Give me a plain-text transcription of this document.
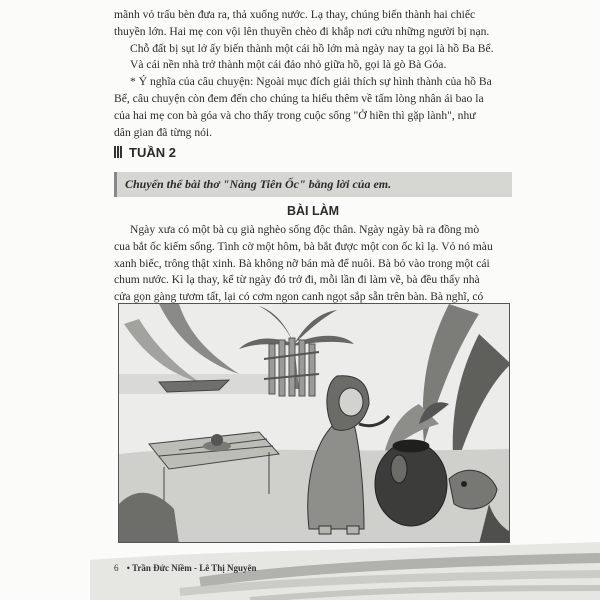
mãnh vỏ trấu bèn đưa ra, thả xuống nước. Lạ thay, chúng biến thành hai chiếc
thuyền lớn. Hai mẹ con vội lên thuyền chèo đi khắp nơi cứu những người bị nạn.

Chỗ đất bị sụt lở ấy biến thành một cái hồ lớn mà ngày nay ta gọi là hồ Ba Bể.
Và cái nền nhà trở thành một cái đảo nhỏ giữa hồ, gọi là gò Bà Góa.

* Ý nghĩa của câu chuyện: Ngoài mục đích giải thích sự hình thành của hồ Ba
Bể, câu chuyện còn đem đến cho chúng ta hiểu thêm về tấm lòng nhân ái bao la
của hai mẹ con bà góa và cho thấy trong cuộc sống "Ở hiền thì gặp lành", như
dân gian đã từng nói.

TUẦN 2
Chuyển thể bài thơ "Nàng Tiên Ốc" bằng lời của em.
BÀI LÀM
Ngày xưa có một bà cụ già nghèo sống độc thân. Ngày ngày bà ra đồng mò
cua bắt ốc kiếm sống. Tình cờ một hôm, bà bắt được một con ốc kì lạ. Vỏ nó màu
xanh biếc, trông thật xinh. Bà không nỡ bán mà để nuôi. Bà bỏ vào trong một cái
chum nước. Kì lạ thay, kể từ ngày đó trở đi, mỗi lần đi làm về, bà đều thấy nhà
cửa gọn gàng tươm tất, lại có cơm ngon canh ngọt sắp sẵn trên bàn. Bà nghĩ, có
6 • Trần Đức Niềm - Lê Thị Nguyên
